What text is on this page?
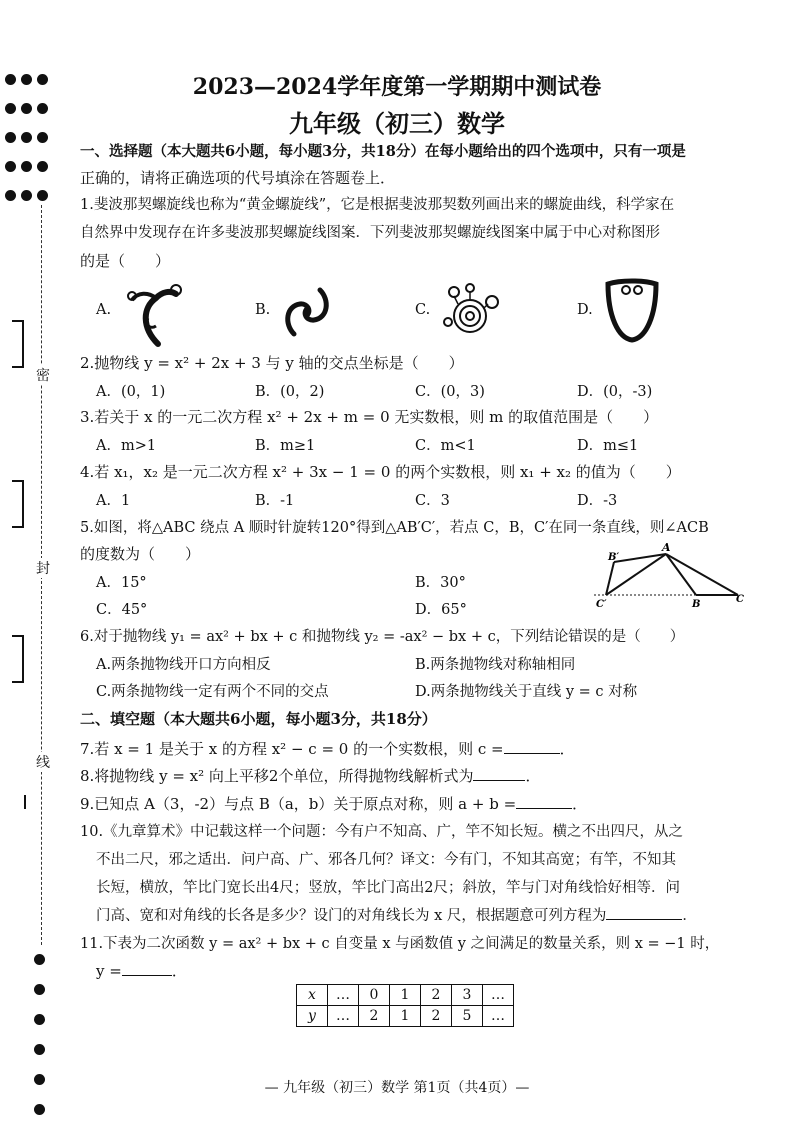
2023—2024学年度第一学期期中测试卷
九年级（初三）数学
密
封
线
一、选择题（本大题共6小题，每小题3分，共18分）在每小题给出的四个选项中，只有一项是
正确的，请将正确选项的代号填涂在答题卷上．
1.斐波那契螺旋线也称为“黄金螺旋线”，它是根据斐波那契数列画出来的螺旋曲线，科学家在
自然界中发现存在许多斐波那契螺旋线图案．下列斐波那契螺旋线图案中属于中心对称图形
的是（　　）
A.	B.	C.	D.
2.抛物线 y = x² + 2x + 3 与 y 轴的交点坐标是（　　）
A．(0，1)	B．(0，2)	C．(0，3)	D．(0，-3)
3.若关于 x 的一元二次方程 x² + 2x + m = 0 无实数根，则 m 的取值范围是（　　）
A．m>1	B．m≥1	C．m<1	D．m≤1
4.若 x₁，x₂ 是一元二次方程 x² + 3x − 1 = 0 的两个实数根，则 x₁ + x₂ 的值为（　　）
A．1	B．-1	C．3	D．-3
5.如图，将△ABC 绕点 A 顺时针旋转120°得到△AB′C′，若点 C，B，C′在同一条直线，则∠ACB
的度数为（　　）
A．15°	B．30°
C．45°	D．65°
A
B′
C′	B	C
6.对于抛物线 y₁ = ax² + bx + c 和抛物线 y₂ = -ax² − bx + c，下列结论错误的是（　　）
A.两条抛物线开口方向相反	B.两条抛物线对称轴相同
C.两条抛物线一定有两个不同的交点	D.两条抛物线关于直线 y = c 对称
二、填空题（本大题共6小题，每小题3分，共18分）
7.若 x = 1 是关于 x 的方程 x² − c = 0 的一个实数根，则 c =	．
8.将抛物线 y = x² 向上平移2个单位，所得抛物线解析式为	．
9.已知点 A（3，-2）与点 B（a，b）关于原点对称，则 a + b =	．
10.《九章算术》中记载这样一个问题：今有户不知高、广，竿不知长短。横之不出四尺，从之
不出二尺，邪之适出．问户高、广、邪各几何？译文：今有门，不知其高宽；有竿，不知其
长短，横放，竿比门宽长出4尺；竖放，竿比门高出2尺；斜放，竿与门对角线恰好相等．问
门高、宽和对角线的长各是多少？设门的对角线长为 x 尺，根据题意可列方程为	．
11.下表为二次函数 y = ax² + bx + c 自变量 x 与函数值 y 之间满足的数量关系，则 x = −1 时，
y =	．
x	…	0	1	2	3	…
y	…	2	1	2	5	…
— 九年级（初三）数学 第1页（共4页）—
